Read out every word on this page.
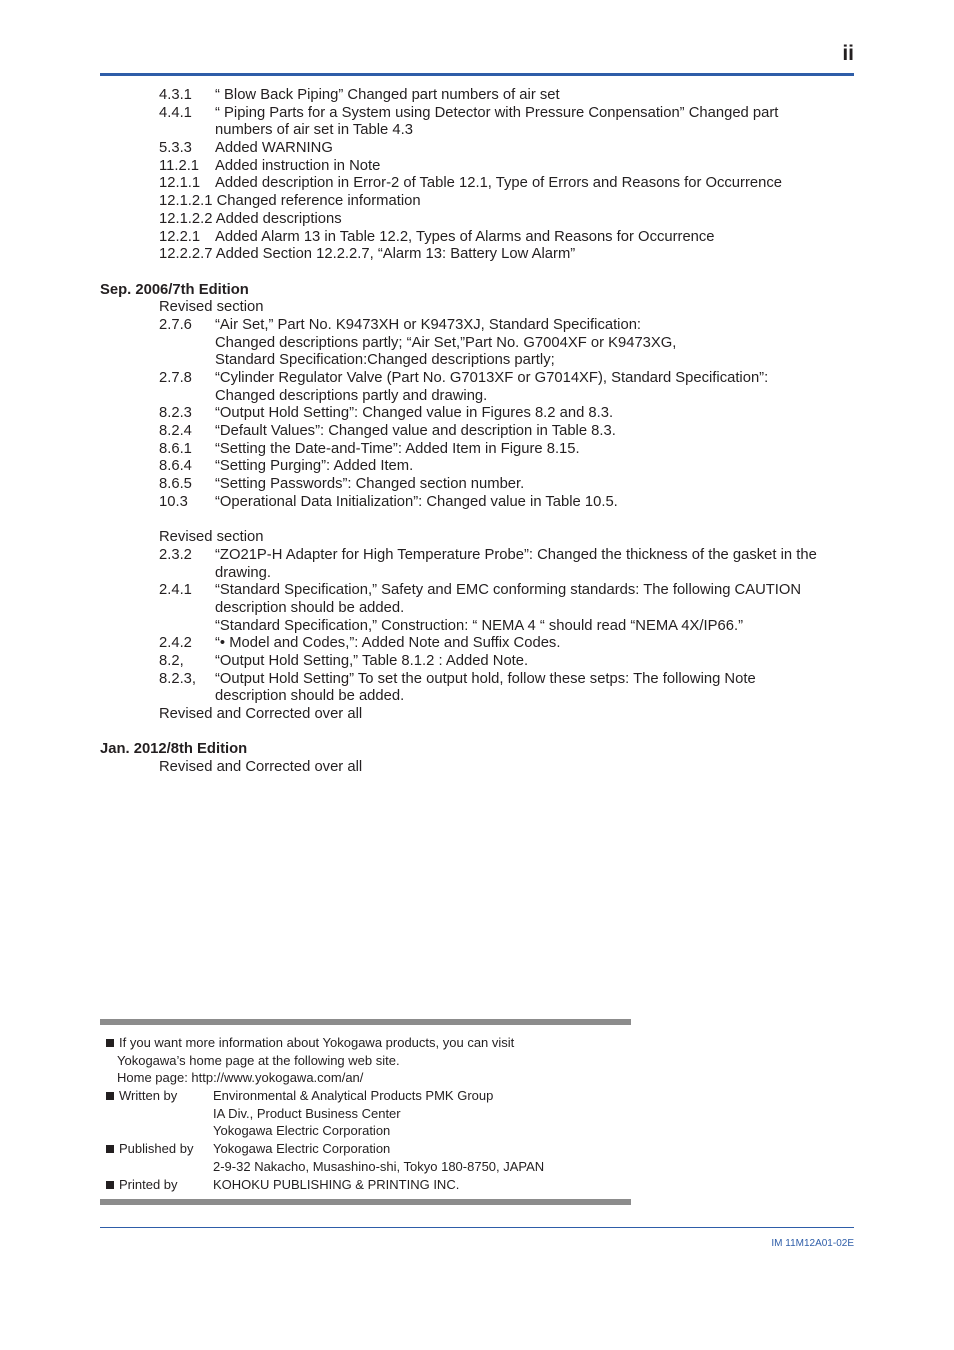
ii
4.3.1 “ Blow Back Piping” Changed part numbers of air set
4.4.1 “ Piping Parts for a System using Detector with Pressure Conpensation” Changed part
numbers of air set in Table 4.3
5.3.3 Added WARNING
11.2.1 Added instruction in Note
12.1.1 Added description in Error-2 of Table 12.1, Type of Errors and Reasons for Occurrence
12.1.2.1 Changed reference information
12.1.2.2 Added descriptions
12.2.1 Added Alarm 13 in Table 12.2, Types of Alarms and Reasons for Occurrence
12.2.2.7 Added Section 12.2.2.7, “Alarm 13: Battery Low Alarm”
Sep. 2006/7th Edition
Revised section
2.7.6 “Air Set,” Part No. K9473XH or K9473XJ, Standard Specification:
Changed descriptions partly; “Air Set,”Part No. G7004XF or K9473XG,
Standard Specification:Changed descriptions partly;
2.7.8 “Cylinder Regulator Valve (Part No. G7013XF or G7014XF), Standard Specification”:
Changed descriptions partly and drawing.
8.2.3 “Output Hold Setting”: Changed value in Figures 8.2 and 8.3.
8.2.4 “Default Values”: Changed value and description in Table 8.3.
8.6.1 “Setting the Date-and-Time”: Added Item in Figure 8.15.
8.6.4 “Setting Purging”: Added Item.
8.6.5 “Setting Passwords”: Changed section number.
10.3 “Operational Data Initialization”: Changed value in Table 10.5.
Revised section
2.3.2 “ZO21P-H Adapter for High Temperature Probe”: Changed the thickness of the gasket in the
drawing.
2.4.1 “Standard Specification,” Safety and EMC conforming standards: The following CAUTION
description should be added.
“Standard Specification,” Construction: “ NEMA 4 “ should read “NEMA 4X/IP66.”
2.4.2 “• Model and Codes,”: Added Note and Suffix Codes.
8.2, “Output Hold Setting,” Table 8.1.2 : Added Note.
8.2.3, “Output Hold Setting” To set the output hold, follow these setps: The following Note
description should be added.
Revised and Corrected over all
Jan. 2012/8th Edition
Revised and Corrected over all
If you want more information about Yokogawa products, you can visit
Yokogawa’s home page at the following web site.
Home page: http://www.yokogawa.com/an/
Written by	Environmental & Analytical Products PMK Group
IA Div., Product Business Center
Yokogawa Electric Corporation
Published by Yokogawa Electric Corporation
2-9-32 Nakacho, Musashino-shi, Tokyo 180-8750, JAPAN
Printed by	KOHOKU PUBLISHING & PRINTING INC.
IM 11M12A01-02E
